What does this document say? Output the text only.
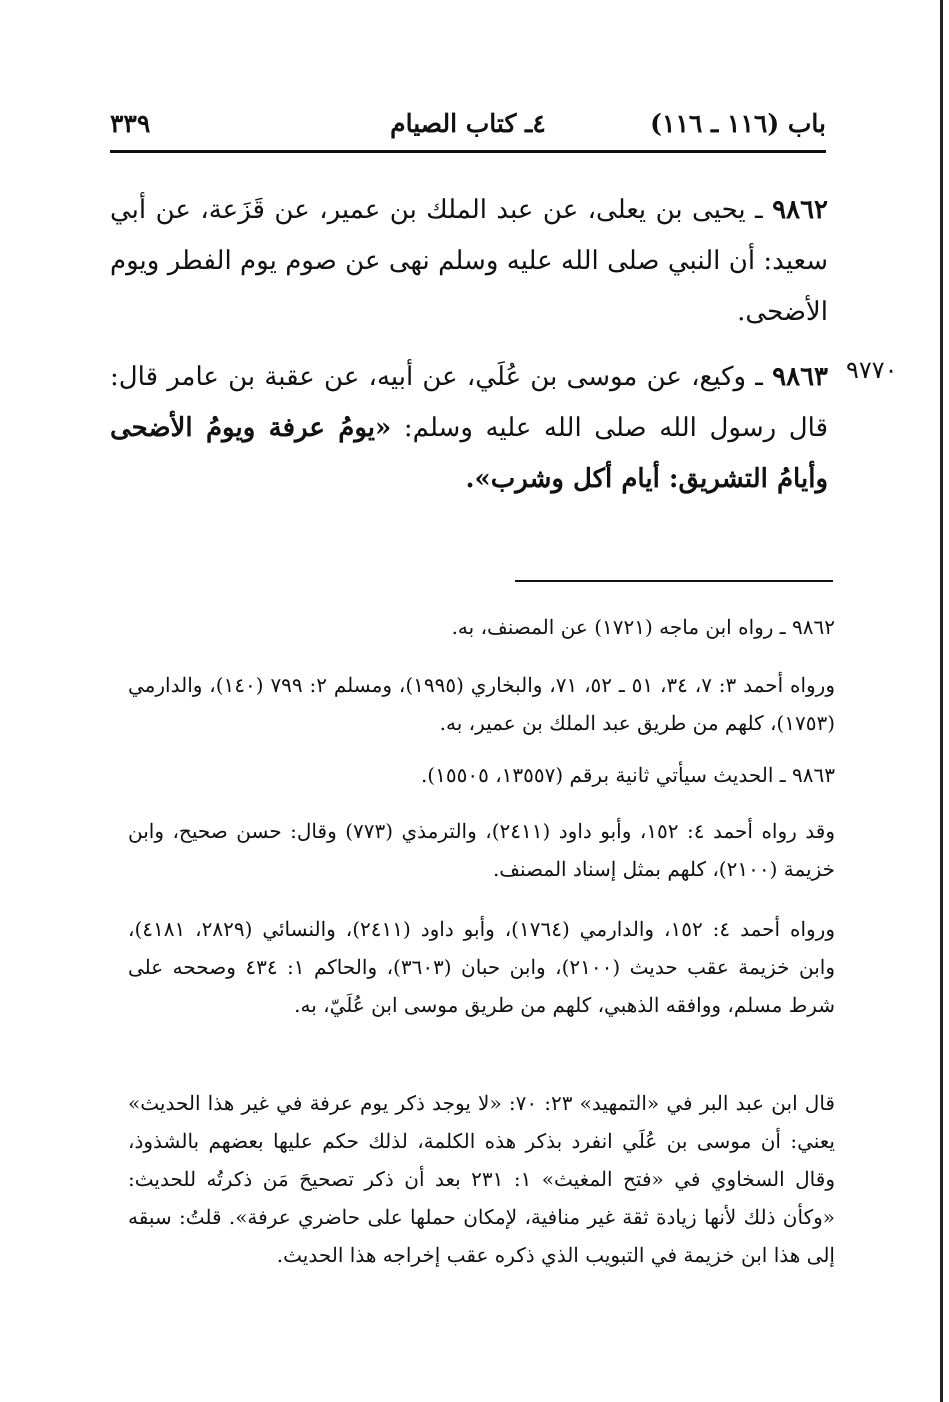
٣٣٩	٤ـ كتاب الصيام	باب (١١٦ ـ ١١٦)
٩٨٦٢ ـ يحيى بن يعلى، عن عبد الملك بن عمير، عن قَزَعة، عن أبي سعيد: أن النبي صلى الله عليه وسلم نهى عن صوم يوم الفطر ويوم الأضحى.
٩٧٧٠
٩٨٦٣ ـ وكيع، عن موسى بن عُلَي، عن أبيه، عن عقبة بن عامر قال: قال رسول الله صلى الله عليه وسلم: «يومُ عرفة ويومُ الأضحى وأيامُ التشريق: أيام أكل وشرب».
٩٨٦٢ ـ رواه ابن ماجه (١٧٢١) عن المصنف، به.
ورواه أحمد ٣: ٧، ٣٤، ٥١ ـ ٥٢، ٧١، والبخاري (١٩٩٥)، ومسلم ٢: ٧٩٩ (١٤٠)، والدارمي (١٧٥٣)، كلهم من طريق عبد الملك بن عمير، به.
٩٨٦٣ ـ الحديث سيأتي ثانية برقم (١٣٥٥٧، ١٥٥٠٥).
وقد رواه أحمد ٤: ١٥٢، وأبو داود (٢٤١١)، والترمذي (٧٧٣) وقال: حسن صحيح، وابن خزيمة (٢١٠٠)، كلهم بمثل إسناد المصنف.
ورواه أحمد ٤: ١٥٢، والدارمي (١٧٦٤)، وأبو داود (٢٤١١)، والنسائي (٢٨٢٩، ٤١٨١)، وابن خزيمة عقب حديث (٢١٠٠)، وابن حبان (٣٦٠٣)، والحاكم ١: ٤٣٤ وصححه على شرط مسلم، ووافقه الذهبي، كلهم من طريق موسى ابن عُلَيّ، به.
قال ابن عبد البر في «التمهيد» ٢٣: ٧٠: «لا يوجد ذكر يوم عرفة في غير هذا الحديث» يعني: أن موسى بن عُلَي انفرد بذكر هذه الكلمة، لذلك حكم عليها بعضهم بالشذوذ، وقال السخاوي في «فتح المغيث» ١: ٢٣١ بعد أن ذكر تصحيحَ مَن ذكرتُه للحديث: «وكأن ذلك لأنها زيادة ثقة غير منافية، لإمكان حملها على حاضري عرفة». قلتُ: سبقه إلى هذا ابن خزيمة في التبويب الذي ذكره عقب إخراجه هذا الحديث.
